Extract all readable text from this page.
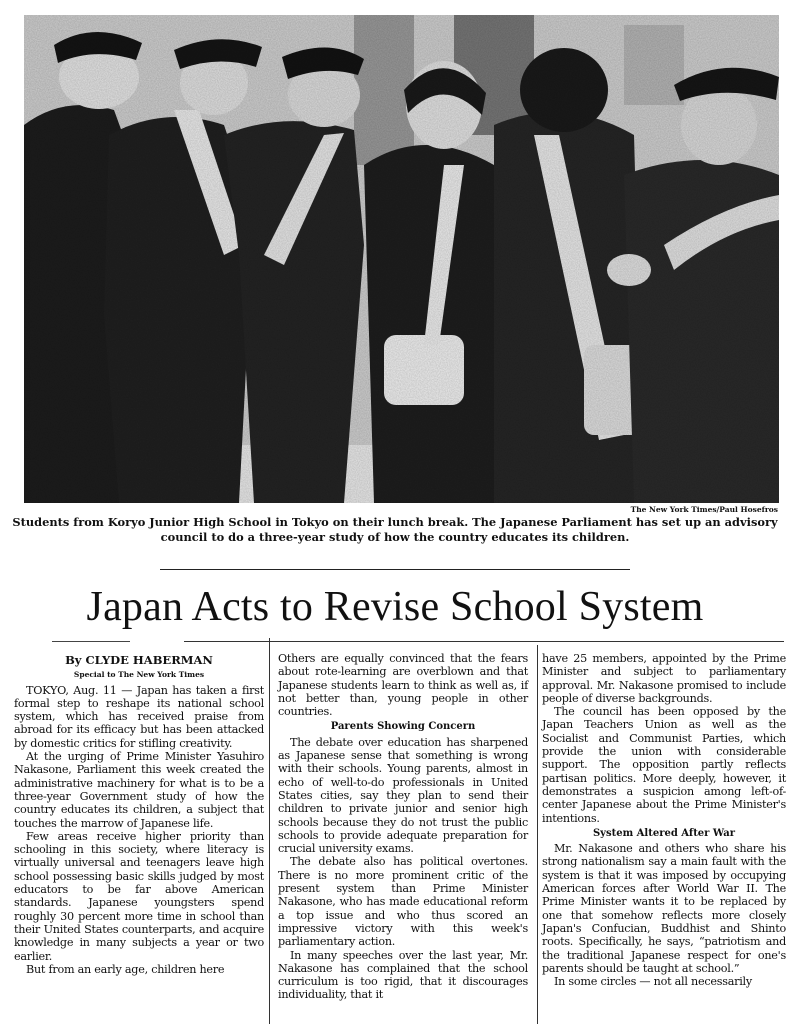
The New York Times/Paul Hosefros
Students from Koryo Junior High School in Tokyo on their lunch break. The Japanese Parliament has set up an advisory council to do a three-year study of how the country educates its children.
Japan Acts to Revise School System
By CLYDE HABERMAN
Special to The New York Times

TOKYO, Aug. 11 — Japan has taken a first formal step to reshape its national school system, which has received praise from abroad for its efficacy but has been attacked by domestic critics for stifling creativity.

At the urging of Prime Minister Yasuhiro Nakasone, Parliament this week created the administrative machinery for what is to be a three-year Government study of how the country educates its children, a subject that touches the marrow of Japanese life.

Few areas receive higher priority than schooling in this society, where literacy is virtually universal and teenagers leave high school possessing basic skills judged by most educators to be far above American standards. Japanese youngsters spend roughly 30 percent more time in school than their United States counterparts, and acquire knowledge in many subjects a year or two earlier.

But from an early age, children here

Others are equally convinced that the fears about rote-learning are overblown and that Japanese students learn to think as well as, if not better than, young people in other countries.

Parents Showing Concern

The debate over education has sharpened as Japanese sense that something is wrong with their schools. Young parents, almost in echo of well-to-do professionals in United States cities, say they plan to send their children to private junior and senior high schools because they do not trust the public schools to provide adequate preparation for crucial university exams.

The debate also has political overtones. There is no more prominent critic of the present system than Prime Minister Nakasone, who has made educational reform a top issue and who thus scored an impressive victory with this week's parliamentary action.

In many speeches over the last year, Mr. Nakasone has complained that the school curriculum is too rigid, that it discourages individuality, that it

have 25 members, appointed by the Prime Minister and subject to parliamentary approval. Mr. Nakasone promised to include people of diverse backgrounds.

The council has been opposed by the Japan Teachers Union as well as the Socialist and Communist Parties, which provide the union with considerable support. The opposition partly reflects partisan politics. More deeply, however, it demonstrates a suspicion among left-of-center Japanese about the Prime Minister's intentions.

System Altered After War

Mr. Nakasone and others who share his strong nationalism say a main fault with the system is that it was imposed by occupying American forces after World War II. The Prime Minister wants it to be replaced by one that somehow reflects more closely Japan's Confucian, Buddhist and Shinto roots. Specifically, he says, “patriotism and the traditional Japanese respect for one's parents should be taught at school.”

In some circles — not all necessarily
